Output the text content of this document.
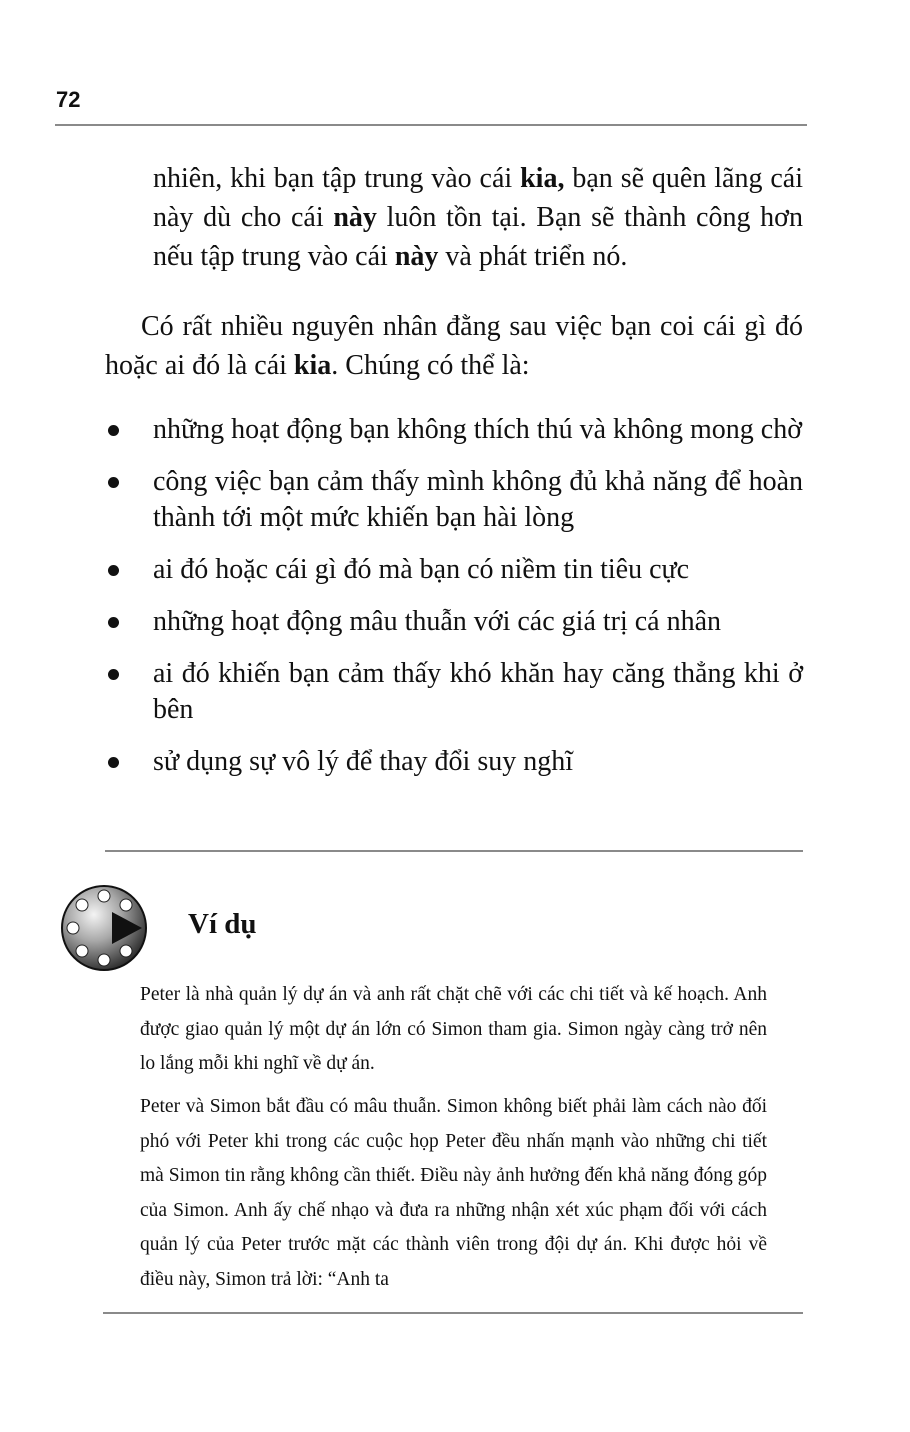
72

nhiên, khi bạn tập trung vào cái kia, bạn sẽ quên lãng cái này dù cho cái này luôn tồn tại. Bạn sẽ thành công hơn nếu tập trung vào cái này và phát triển nó.

Có rất nhiều nguyên nhân đằng sau việc bạn coi cái gì đó hoặc ai đó là cái kia. Chúng có thể là:

những hoạt động bạn không thích thú và không mong chờ
công việc bạn cảm thấy mình không đủ khả năng để hoàn thành tới một mức khiến bạn hài lòng
ai đó hoặc cái gì đó mà bạn có niềm tin tiêu cực
những hoạt động mâu thuẫn với các giá trị cá nhân
ai đó khiến bạn cảm thấy khó khăn hay căng thẳng khi ở bên
sử dụng sự vô lý để thay đổi suy nghĩ
Ví dụ

Peter là nhà quản lý dự án và anh rất chặt chẽ với các chi tiết và kế hoạch. Anh được giao quản lý một dự án lớn có Simon tham gia. Simon ngày càng trở nên lo lắng mỗi khi nghĩ về dự án.

Peter và Simon bắt đầu có mâu thuẫn. Simon không biết phải làm cách nào đối phó với Peter khi trong các cuộc họp Peter đều nhấn mạnh vào những chi tiết mà Simon tin rằng không cần thiết. Điều này ảnh hưởng đến khả năng đóng góp của Simon. Anh ấy chế nhạo và đưa ra những nhận xét xúc phạm đối với cách quản lý của Peter trước mặt các thành viên trong đội dự án. Khi được hỏi về điều này, Simon trả lời: “Anh ta
